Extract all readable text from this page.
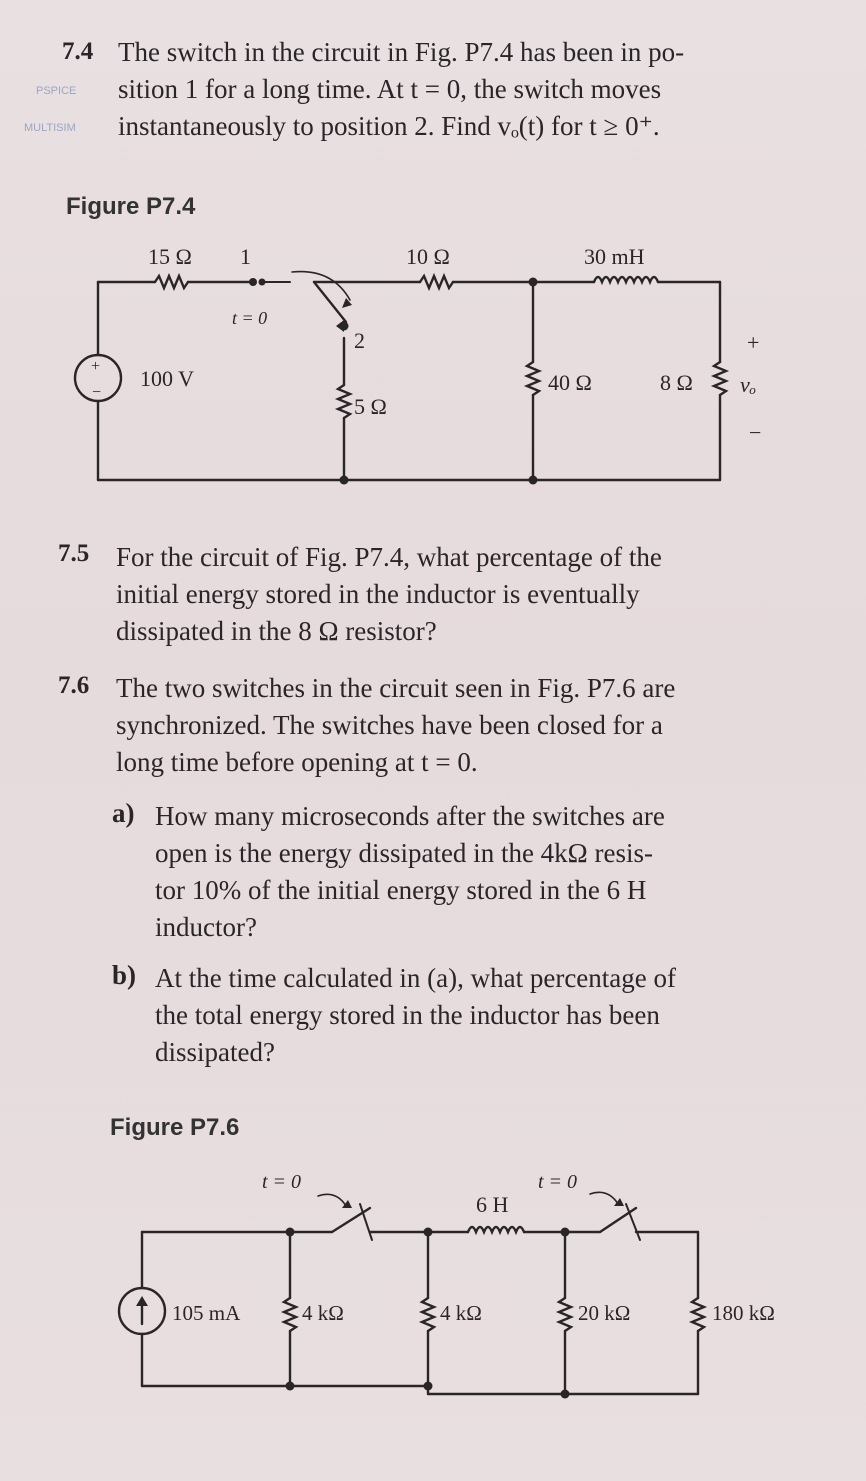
7.4
PSPICE
MULTISIM
The switch in the circuit in Fig. P7.4 has been in po-
sition 1 for a long time. At t = 0, the switch moves
instantaneously to position 2. Find vₒ(t) for t ≥ 0⁺.
Figure P7.4
15 Ω 1
t = 0
2
10 Ω	30 mH
+
−
100 V
5 Ω
40 Ω	8 Ω vₒ
+
−
7.5 For the circuit of Fig. P7.4, what percentage of the
initial energy stored in the inductor is eventually
dissipated in the 8 Ω resistor?
7.6 The two switches in the circuit seen in Fig. P7.6 are
synchronized. The switches have been closed for a
long time before opening at t = 0.
a) How many microseconds after the switches are
open is the energy dissipated in the 4kΩ resis-
tor 10% of the initial energy stored in the 6 H
inductor?
b) At the time calculated in (a), what percentage of
the total energy stored in the inductor has been
dissipated?
Figure P7.6
t = 0	t = 0
6 H
105 mA	4 kΩ	4 kΩ	20 kΩ	180 kΩ
